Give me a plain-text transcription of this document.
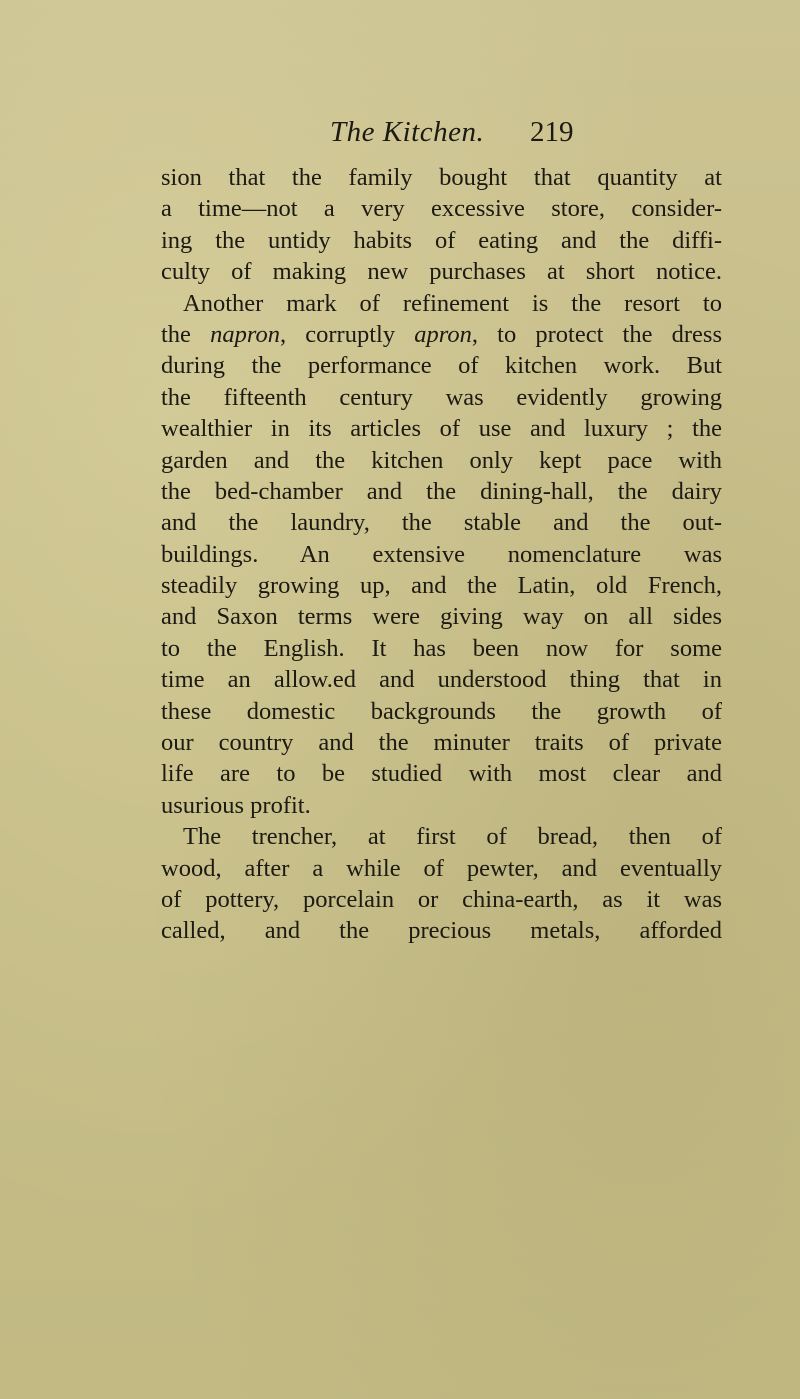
The Kitchen. 219
sion that the family bought that quantity at
a time—not a very excessive store, consider-
ing the untidy habits of eating and the diffi-
culty of making new purchases at short notice.
Another mark of refinement is the resort to
the napron, corruptly apron, to protect the dress
during the performance of kitchen work. But
the fifteenth century was evidently growing
wealthier in its articles of use and luxury ; the
garden and the kitchen only kept pace with
the bed-chamber and the dining-hall, the dairy
and the laundry, the stable and the out-
buildings. An extensive nomenclature was
steadily growing up, and the Latin, old French,
and Saxon terms were giving way on all sides
to the English. It has been now for some
time an allow.ed and understood thing that in
these domestic backgrounds the growth of
our country and the minuter traits of private
life are to be studied with most clear and
usurious profit.
The trencher, at first of bread, then of
wood, after a while of pewter, and eventually
of pottery, porcelain or china-earth, as it was
called, and the precious metals, afforded
